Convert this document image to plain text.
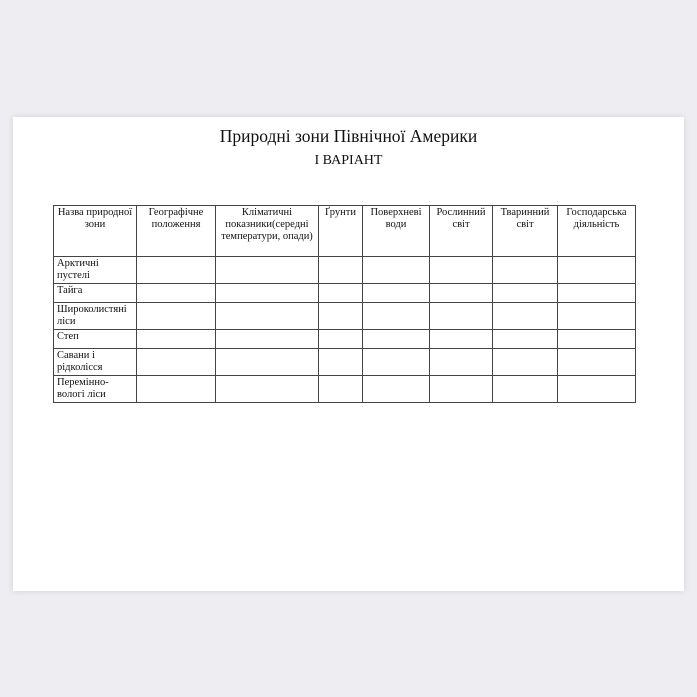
Природні зони Північної Америки
І ВАРІАНТ
Назва природної зони	Географічне положення	Кліматичні показники(середні температури, опади)	Ґрунти	Поверхневі води	Рослинний світ	Тваринний світ	Господарська діяльність
Арктичні пустелі							
Тайга							
Широколистяні ліси							
Степ							
Савани і рідколісся							
Перемінно-вологі ліси							
